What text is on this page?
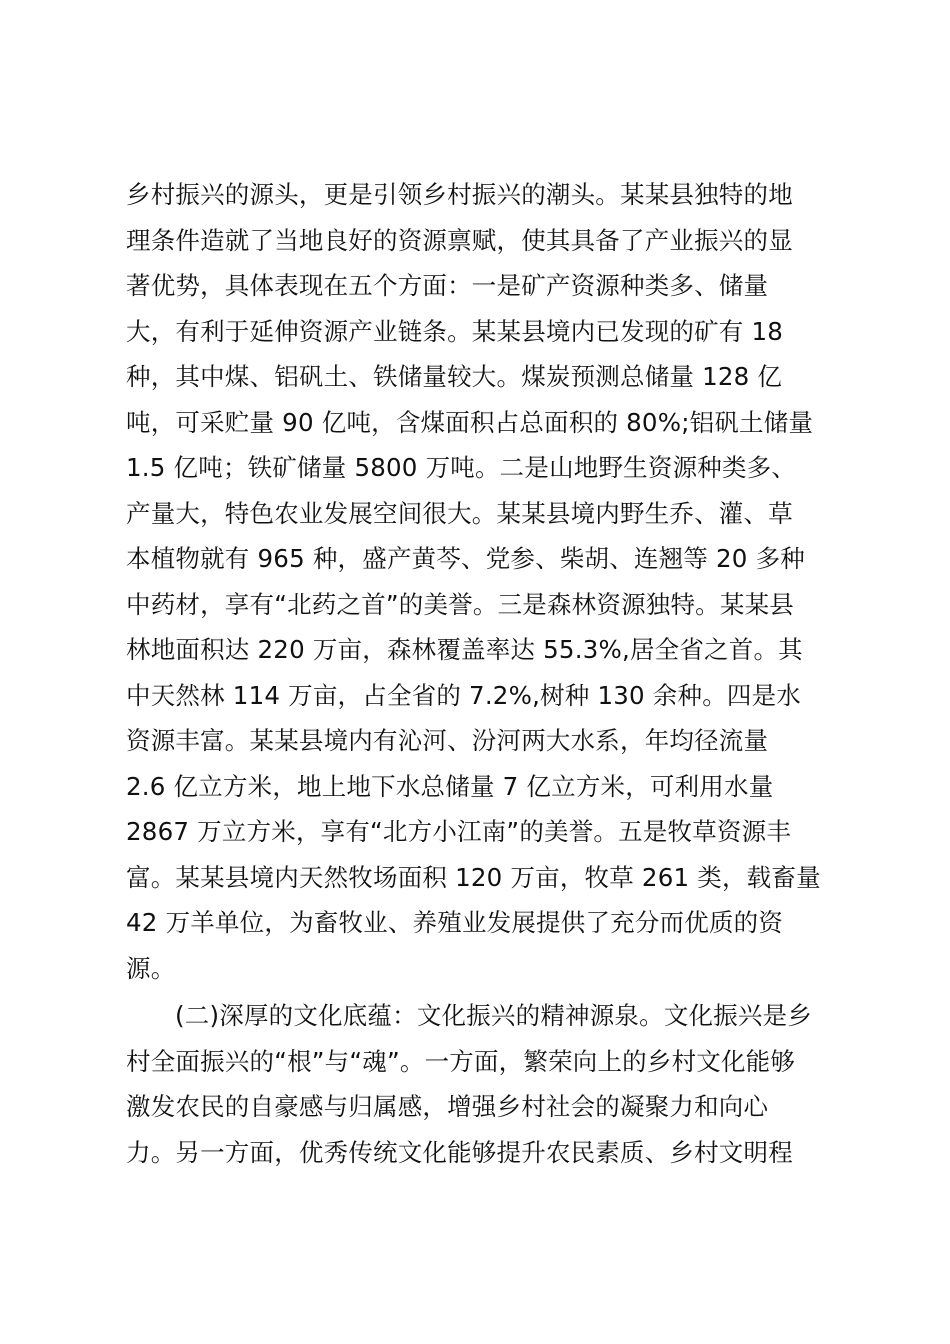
乡村振兴的源头，更是引领乡村振兴的潮头。某某县独特的地
理条件造就了当地良好的资源禀赋，使其具备了产业振兴的显
著优势，具体表现在五个方面：一是矿产资源种类多、储量
大，有利于延伸资源产业链条。某某县境内已发现的矿有 18
种，其中煤、铝矾土、铁储量较大。煤炭预测总储量 128 亿
吨，可采贮量 90 亿吨，含煤面积占总面积的 80%;铝矾土储量
1.5 亿吨；铁矿储量 5800 万吨。二是山地野生资源种类多、
产量大，特色农业发展空间很大。某某县境内野生乔、灌、草
本植物就有 965 种，盛产黄芩、党参、柴胡、连翘等 20 多种
中药材，享有“北药之首”的美誉。三是森林资源独特。某某县
林地面积达 220 万亩，森林覆盖率达 55.3%,居全省之首。其
中天然林 114 万亩，占全省的 7.2%,树种 130 余种。四是水
资源丰富。某某县境内有沁河、汾河两大水系，年均径流量
2.6 亿立方米，地上地下水总储量 7 亿立方米，可利用水量
2867 万立方米，享有“北方小江南”的美誉。五是牧草资源丰
富。某某县境内天然牧场面积 120 万亩，牧草 261 类，载畜量
42 万羊单位，为畜牧业、养殖业发展提供了充分而优质的资
源。
(二)深厚的文化底蕴：文化振兴的精神源泉。文化振兴是乡
村全面振兴的“根”与“魂”。一方面，繁荣向上的乡村文化能够
激发农民的自豪感与归属感，增强乡村社会的凝聚力和向心
力。另一方面，优秀传统文化能够提升农民素质、乡村文明程
